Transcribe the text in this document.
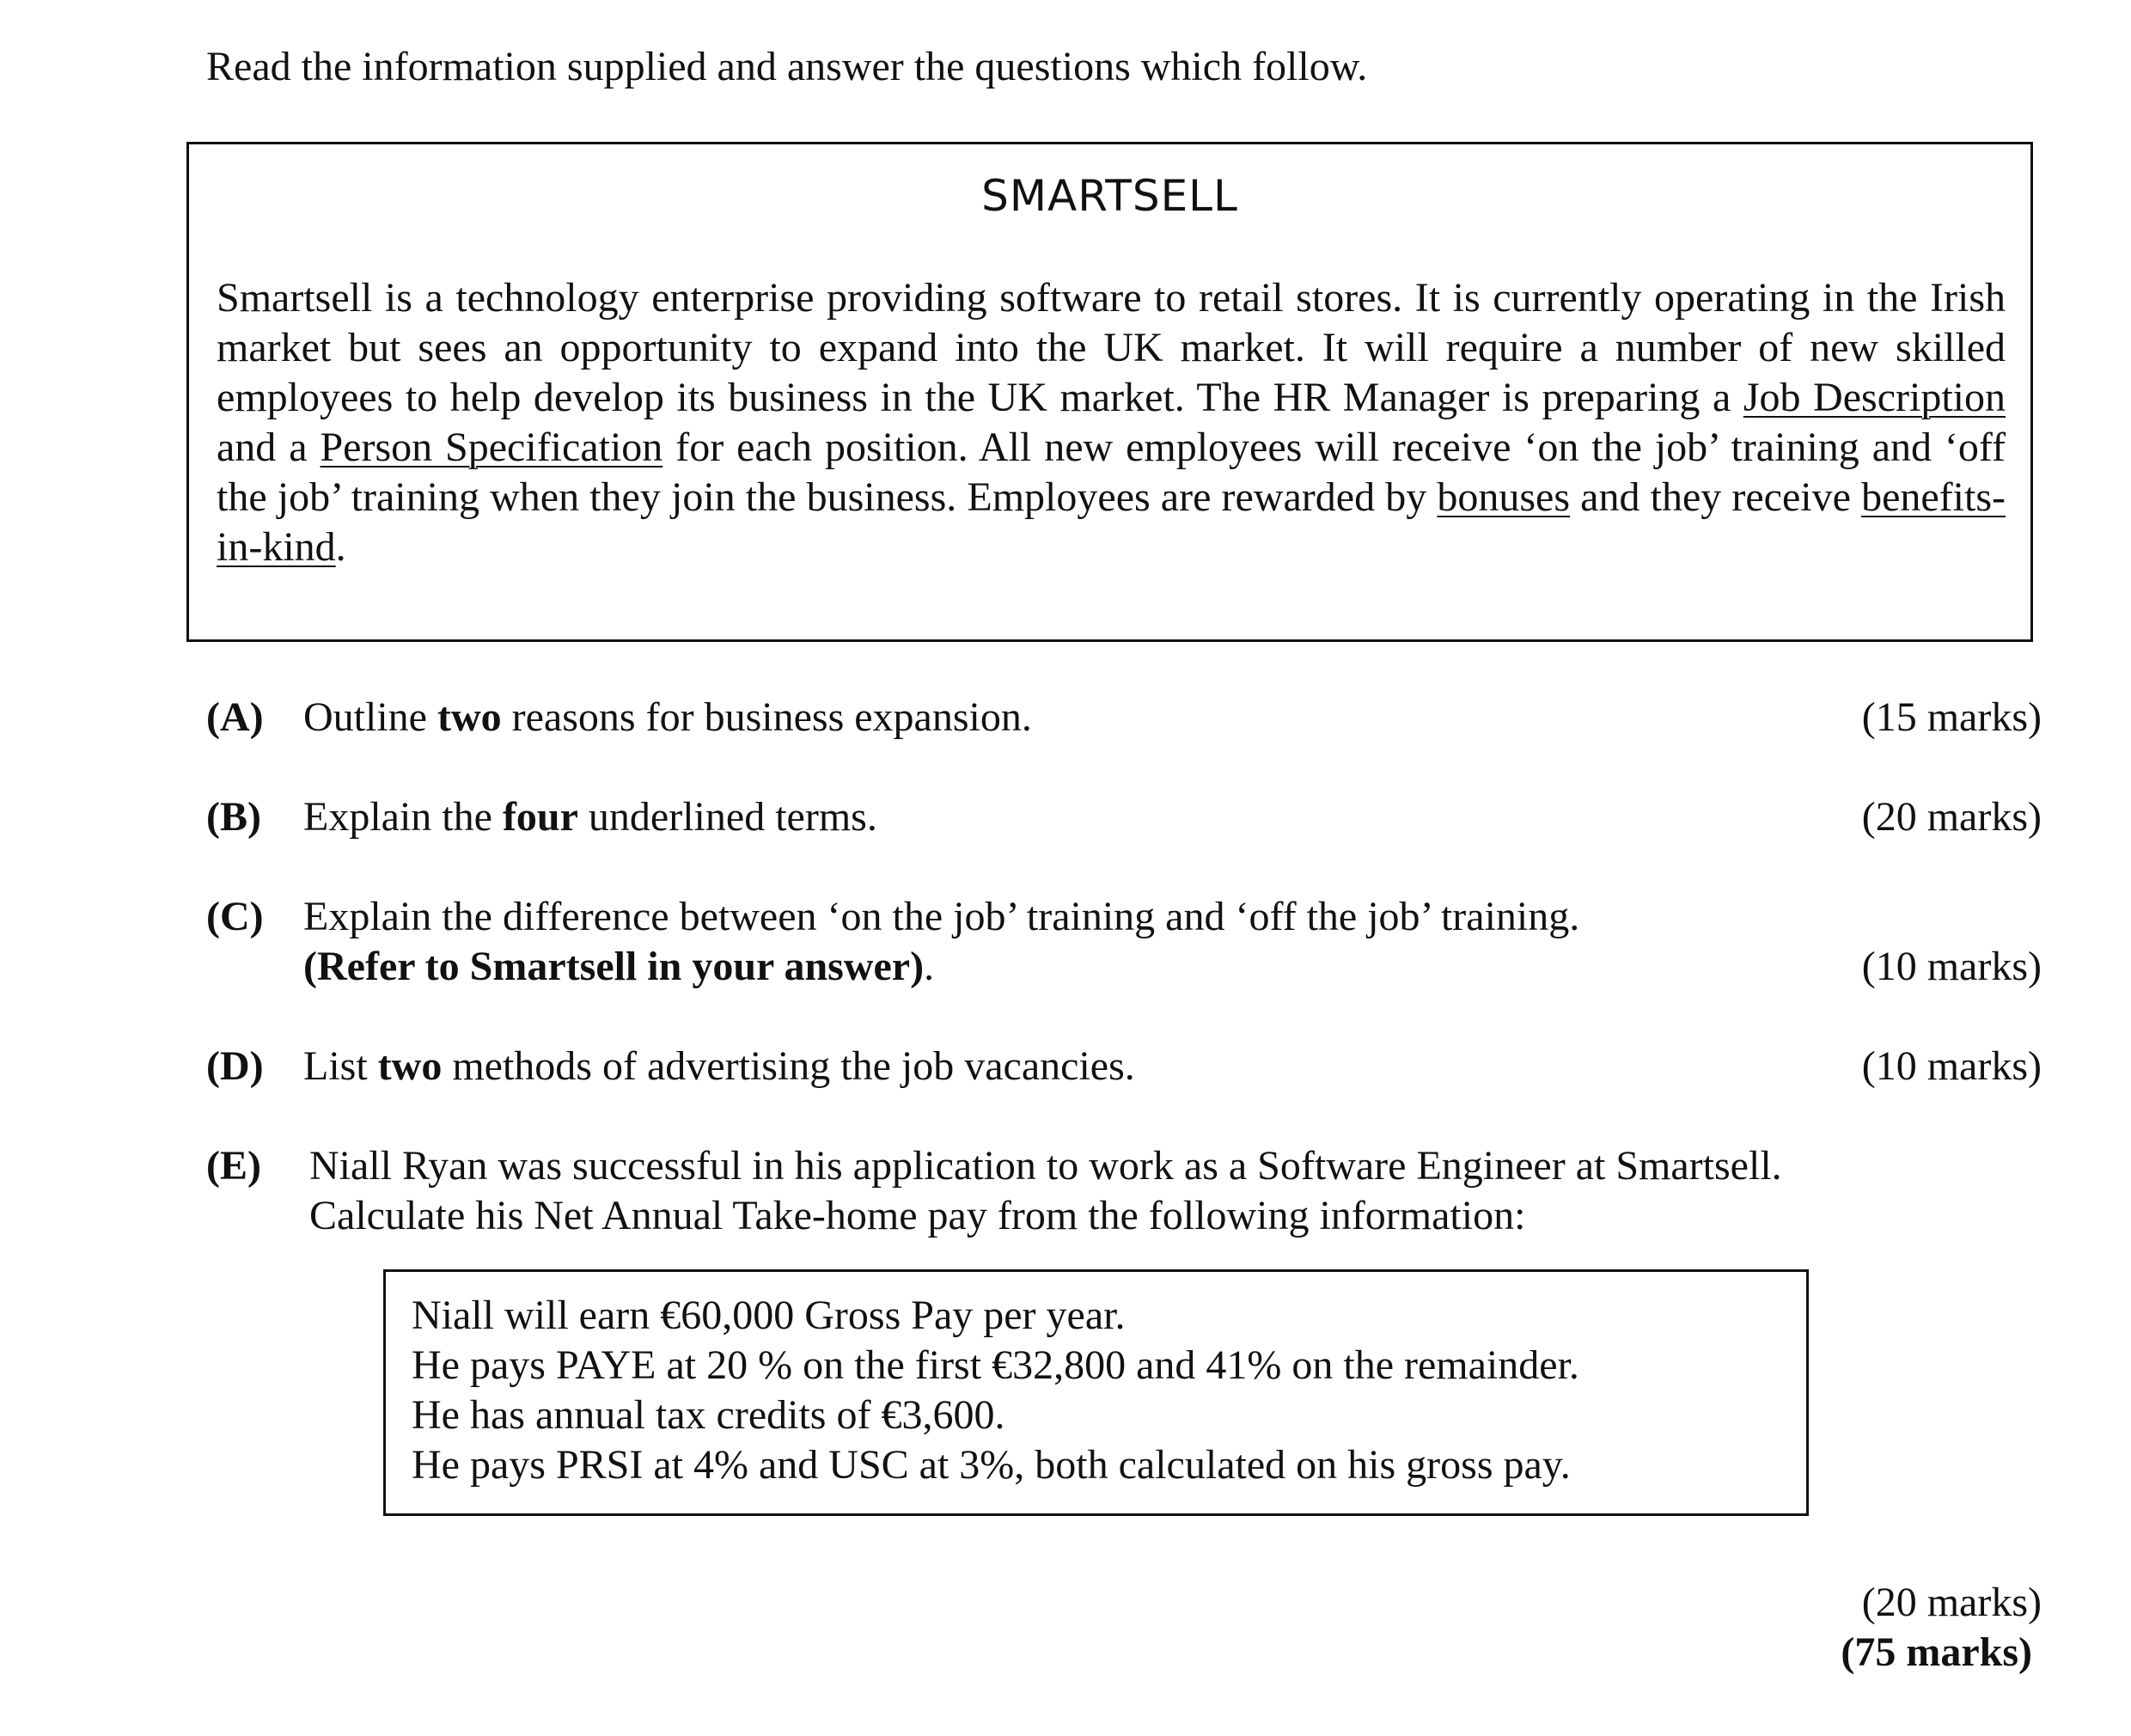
Read the information supplied and answer the questions which follow.
SMARTSELL
Smartsell is a technology enterprise providing software to retail stores. It is currently operating in the Irish market but sees an opportunity to expand into the UK market. It will require a number of new skilled employees to help develop its business in the UK market. The HR Manager is preparing a Job Description and a Person Specification for each position. All new employees will receive ‘on the job’ training and ‘off the job’ training when they join the business. Employees are rewarded by bonuses and they receive benefits-in-kind.
(A) Outline two reasons for business expansion.	(15 marks)
(B) Explain the four underlined terms.	(20 marks)
(C) Explain the difference between ‘on the job’ training and ‘off the job’ training.
(Refer to Smartsell in your answer).	(10 marks)
(D) List two methods of advertising the job vacancies.	(10 marks)
(E) Niall Ryan was successful in his application to work as a Software Engineer at Smartsell.
Calculate his Net Annual Take-home pay from the following information:
Niall will earn €60,000 Gross Pay per year.
He pays PAYE at 20 % on the first €32,800 and 41% on the remainder.
He has annual tax credits of €3,600.
He pays PRSI at 4% and USC at 3%, both calculated on his gross pay.
(20 marks)
(75 marks)
